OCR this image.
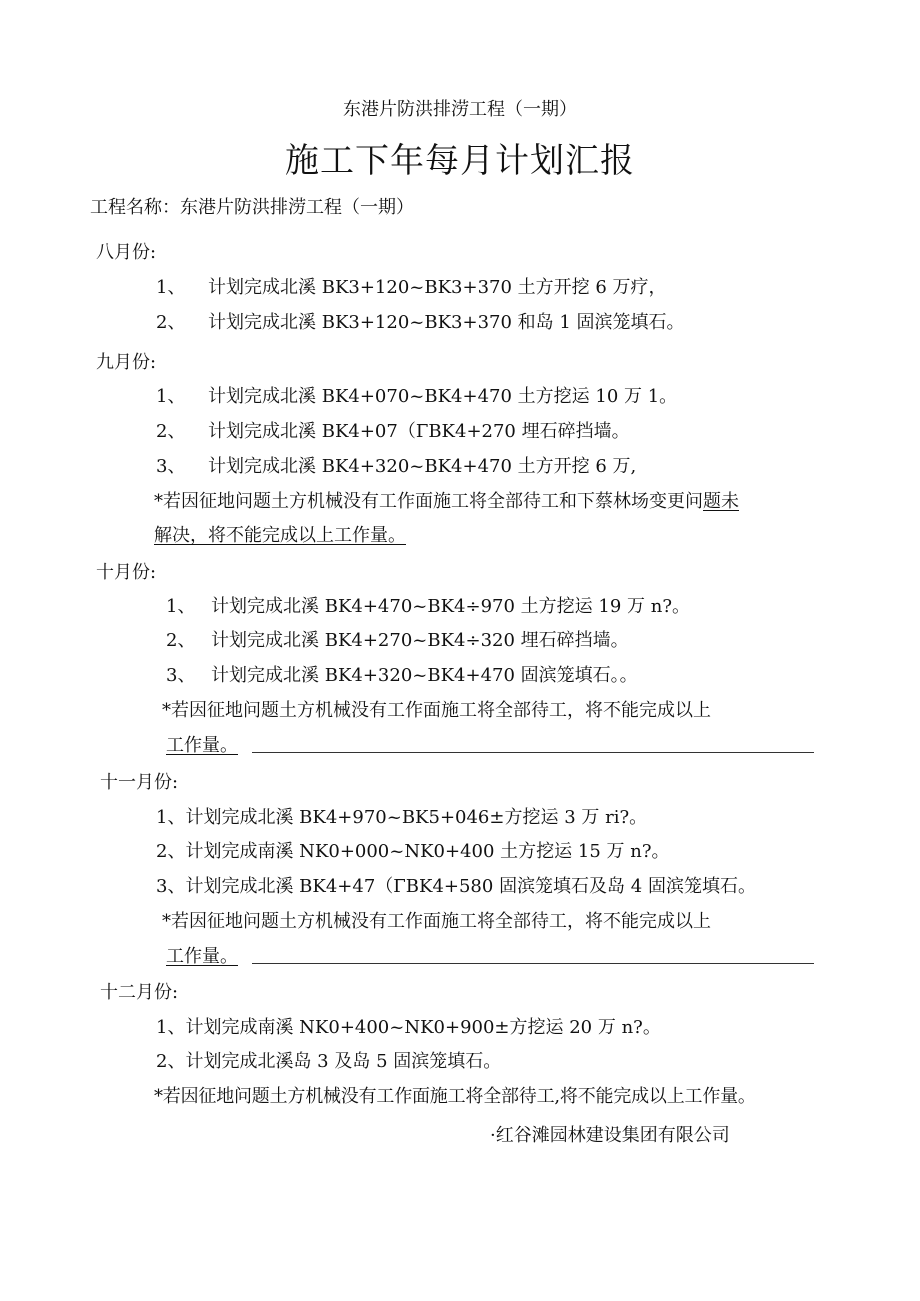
东港片防洪排涝工程（一期）
施工下年每月计划汇报
工程名称：东港片防洪排涝工程（一期）
八月份:
1、 计划完成北溪 BK3+120~BK3+370 土方开挖 6 万疗，
2、 计划完成北溪 BK3+120~BK3+370 和岛 1 固滨笼填石。
九月份:
1、 计划完成北溪 BK4+070~BK4+470 土方挖运 10 万 1。
2、 计划完成北溪 BK4+07（ΓBK4+270 埋石碎挡墙。
3、 计划完成北溪 BK4+320~BK4+470 土方开挖 6 万,
*若因征地问题土方机械没有工作面施工将全部待工和下蔡林场变更问题未
解决，将不能完成以上工作量。
十月份:
1、 计划完成北溪 BK4+470~BK4÷970 土方挖运 19 万 n?。
2、 计划完成北溪 BK4+270~BK4÷320 埋石碎挡墙。
3、 计划完成北溪 BK4+320~BK4+470 固滨笼填石。。
*若因征地问题土方机械没有工作面施工将全部待工，将不能完成以上
工作量。
十一月份:
1、计划完成北溪 BK4+970~BK5+046±方挖运 3 万 ri?。
2、计划完成南溪 NK0+000~NK0+400 土方挖运 15 万 n?。
3、计划完成北溪 BK4+47（ΓBK4+580 固滨笼填石及岛 4 固滨笼填石。
*若因征地问题土方机械没有工作面施工将全部待工，将不能完成以上
工作量。
十二月份:
1、计划完成南溪 NK0+400~NK0+900±方挖运 20 万 n?。
2、计划完成北溪岛 3 及岛 5 固滨笼填石。
*若因征地问题土方机械没有工作面施工将全部待工,将不能完成以上工作量。
·红谷滩园林建设集团有限公司
